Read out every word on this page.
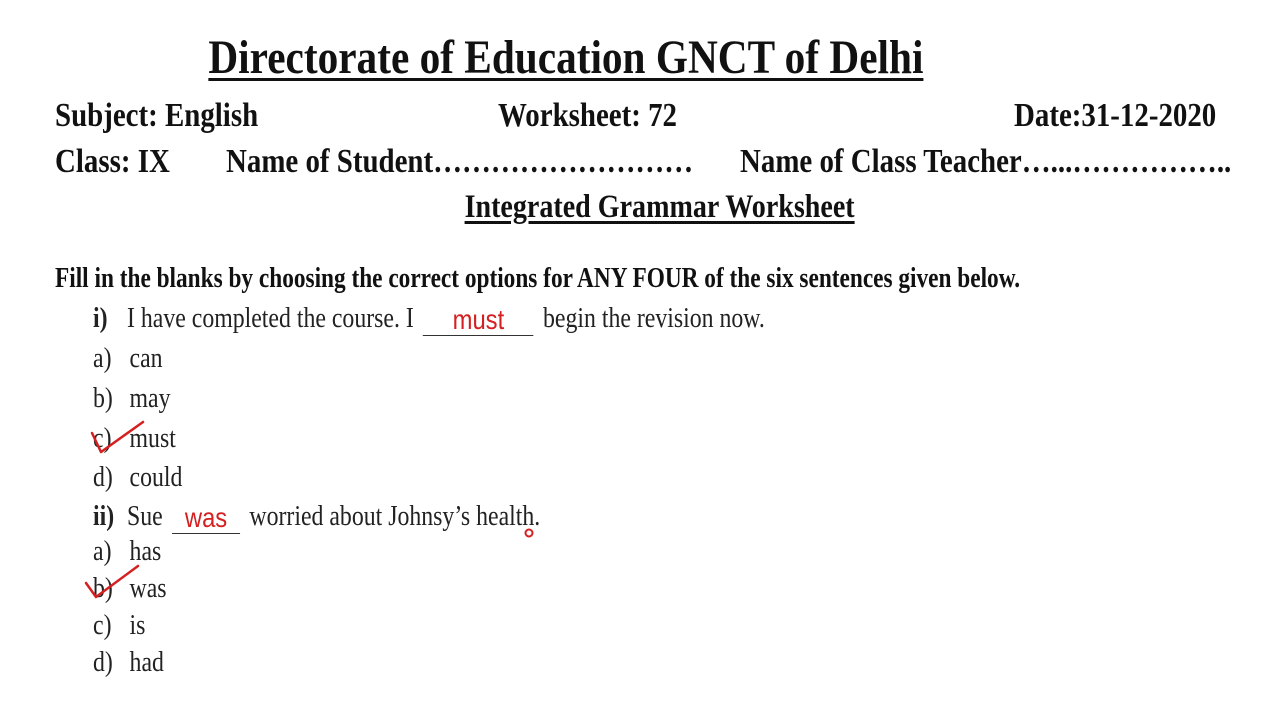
Directorate of Education GNCT of Delhi
Subject: English	Worksheet: 72	Date:31-12-2020
Class: IX Name of Student……………………… Name of Class Teacher…...……………..
Integrated Grammar Worksheet
Fill in the blanks by choosing the correct options for ANY FOUR of the six sentences given below.
i) I have completed the course. I	must	begin the revision now.
a) can
b) may
c) must
d) could
ii) Sue was worried about Johnsy’s health.
a) has
b) was
c) is
d) had
